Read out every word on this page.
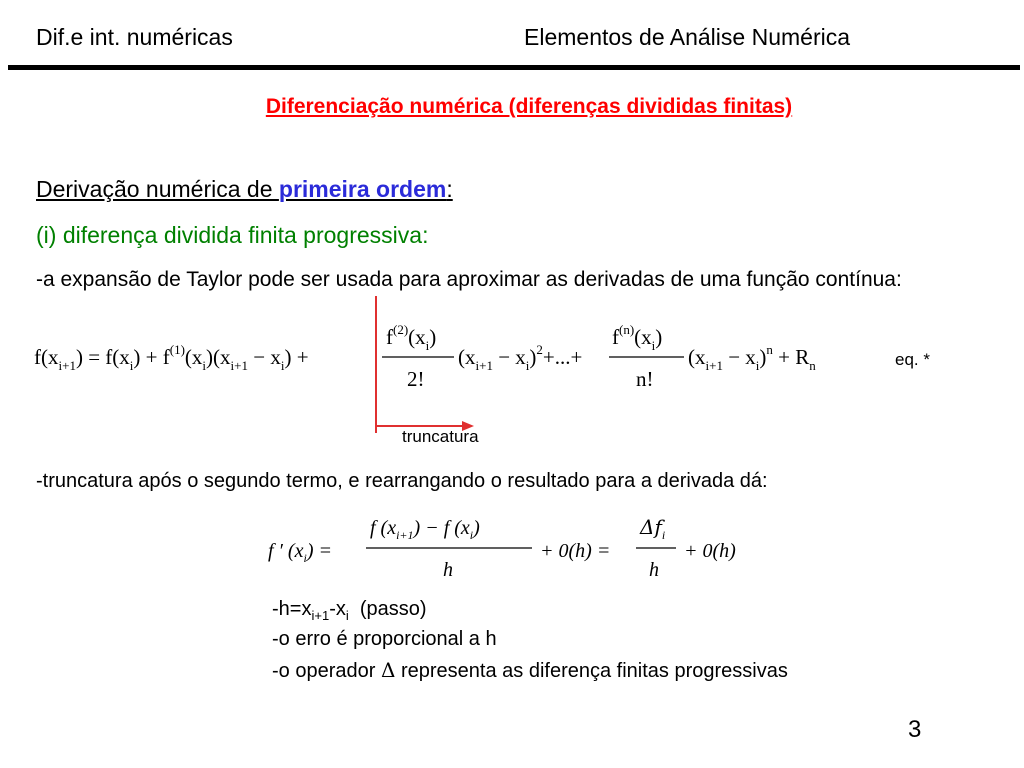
Dif.e int. numéricas	Elementos de Análise Numérica
Diferenciação numérica (diferenças divididas finitas)
Derivação numérica de primeira ordem:
(i) diferença dividida finita progressiva:
-a expansão de Taylor pode ser usada para aproximar as derivadas de uma função contínua:
$f(x_{i+1}) = f(x_i) + f^{(1)}(x_i)(x_{i+1} - x_i)$ +
$f^{(2)}(x_i)$
2!
$(x_{i+1} - x_i)^2+...+$
$f^{(n)}(x_i)$
n!
$(x_{i+1} - x_i)^n + R_n$	eq. *
truncatura
-truncatura após o segundo termo, e rearrangando o resultado para a derivada dá:
f ′ $(x_i)$ =
f $(x_{i+1}) - f$ $(x_i)$
h
+ 0(h) =
$\Delta f_i$
h
+ 0(h)
$-h=x_{i+1}-x_i$  (passo)
-o erro é proporcional a h
-o operador Δ representa as diferença finitas progressivas
3
